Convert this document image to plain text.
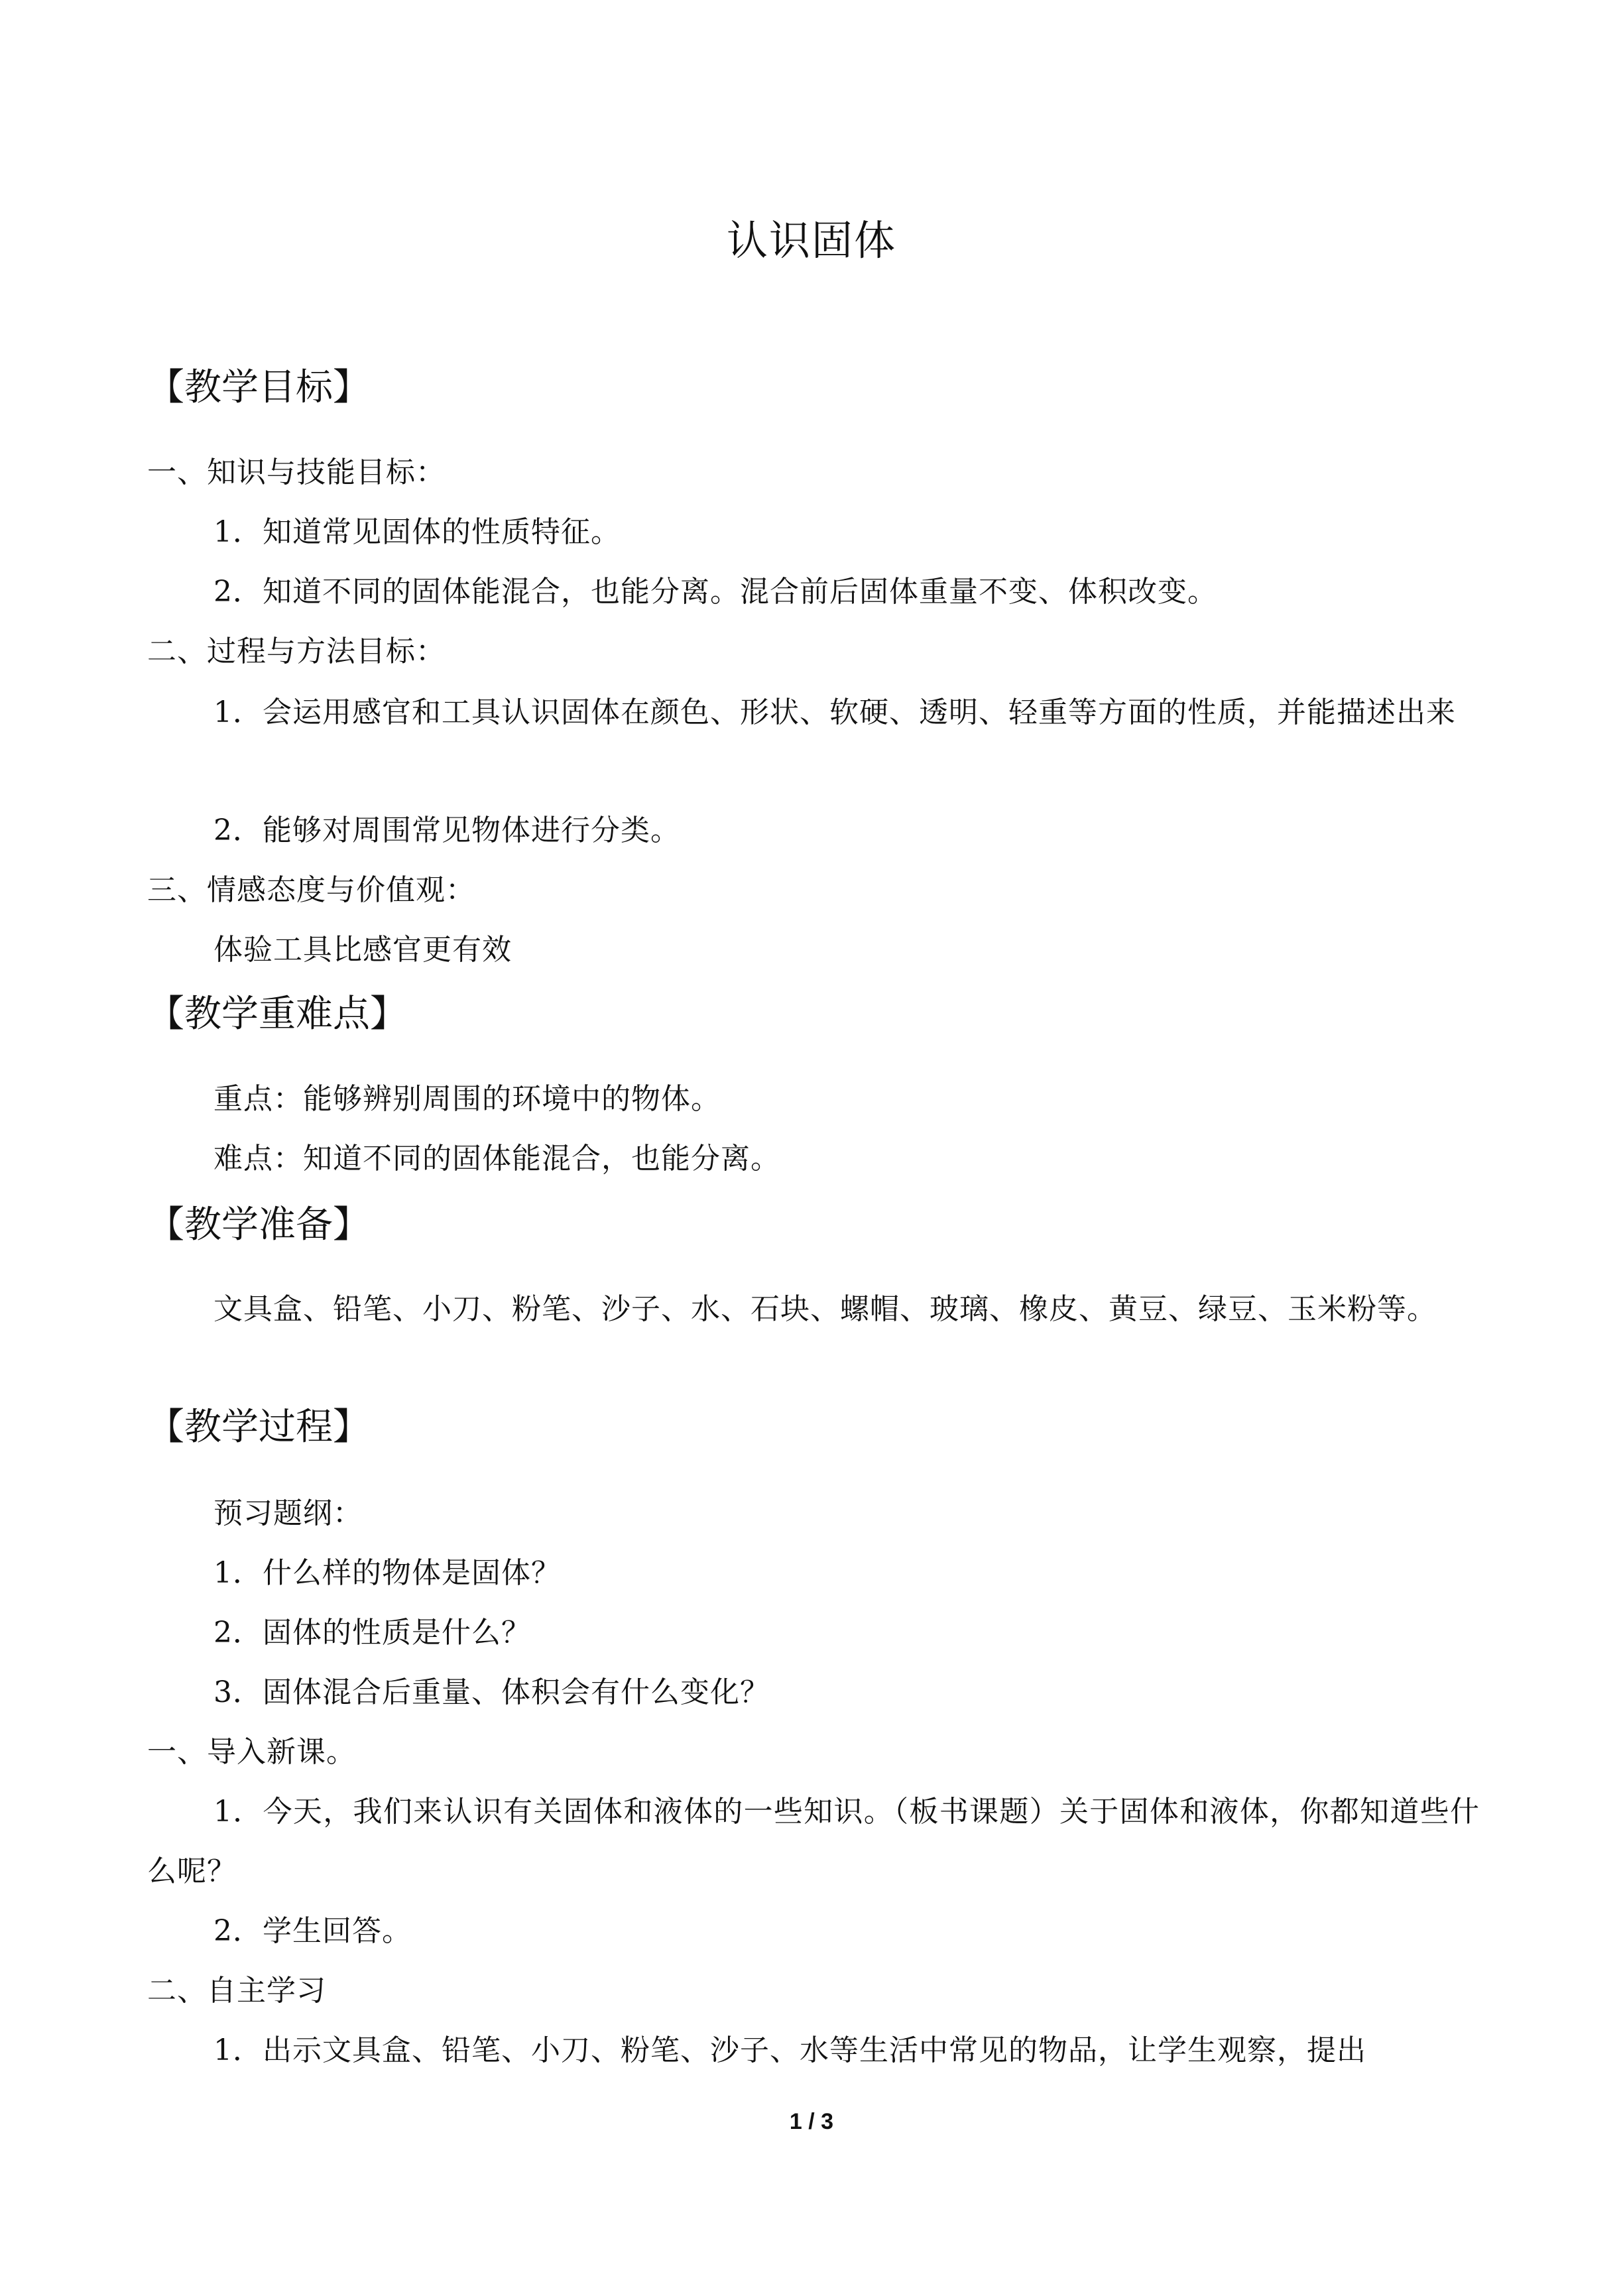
认识固体
【教学目标】
一、知识与技能目标：
1．知道常见固体的性质特征。
2．知道不同的固体能混合，也能分离。混合前后固体重量不变、体积改变。
二、过程与方法目标：
1．会运用感官和工具认识固体在颜色、形状、软硬、透明、轻重等方面的性质，并能描述出来
2．能够对周围常见物体进行分类。
三、情感态度与价值观：
体验工具比感官更有效
【教学重难点】
重点：能够辨别周围的环境中的物体。
难点：知道不同的固体能混合，也能分离。
【教学准备】
文具盒、铅笔、小刀、粉笔、沙子、水、石块、螺帽、玻璃、橡皮、黄豆、绿豆、玉米粉等。
【教学过程】
预习题纲：
1．什么样的物体是固体？
2．固体的性质是什么？
3．固体混合后重量、体积会有什么变化？
一、导入新课。
1．今天，我们来认识有关固体和液体的一些知识。（板书课题）关于固体和液体，你都知道些什么呢？
2．学生回答。
二、自主学习
1．出示文具盒、铅笔、小刀、粉笔、沙子、水等生活中常见的物品，让学生观察，提出
1 / 3
